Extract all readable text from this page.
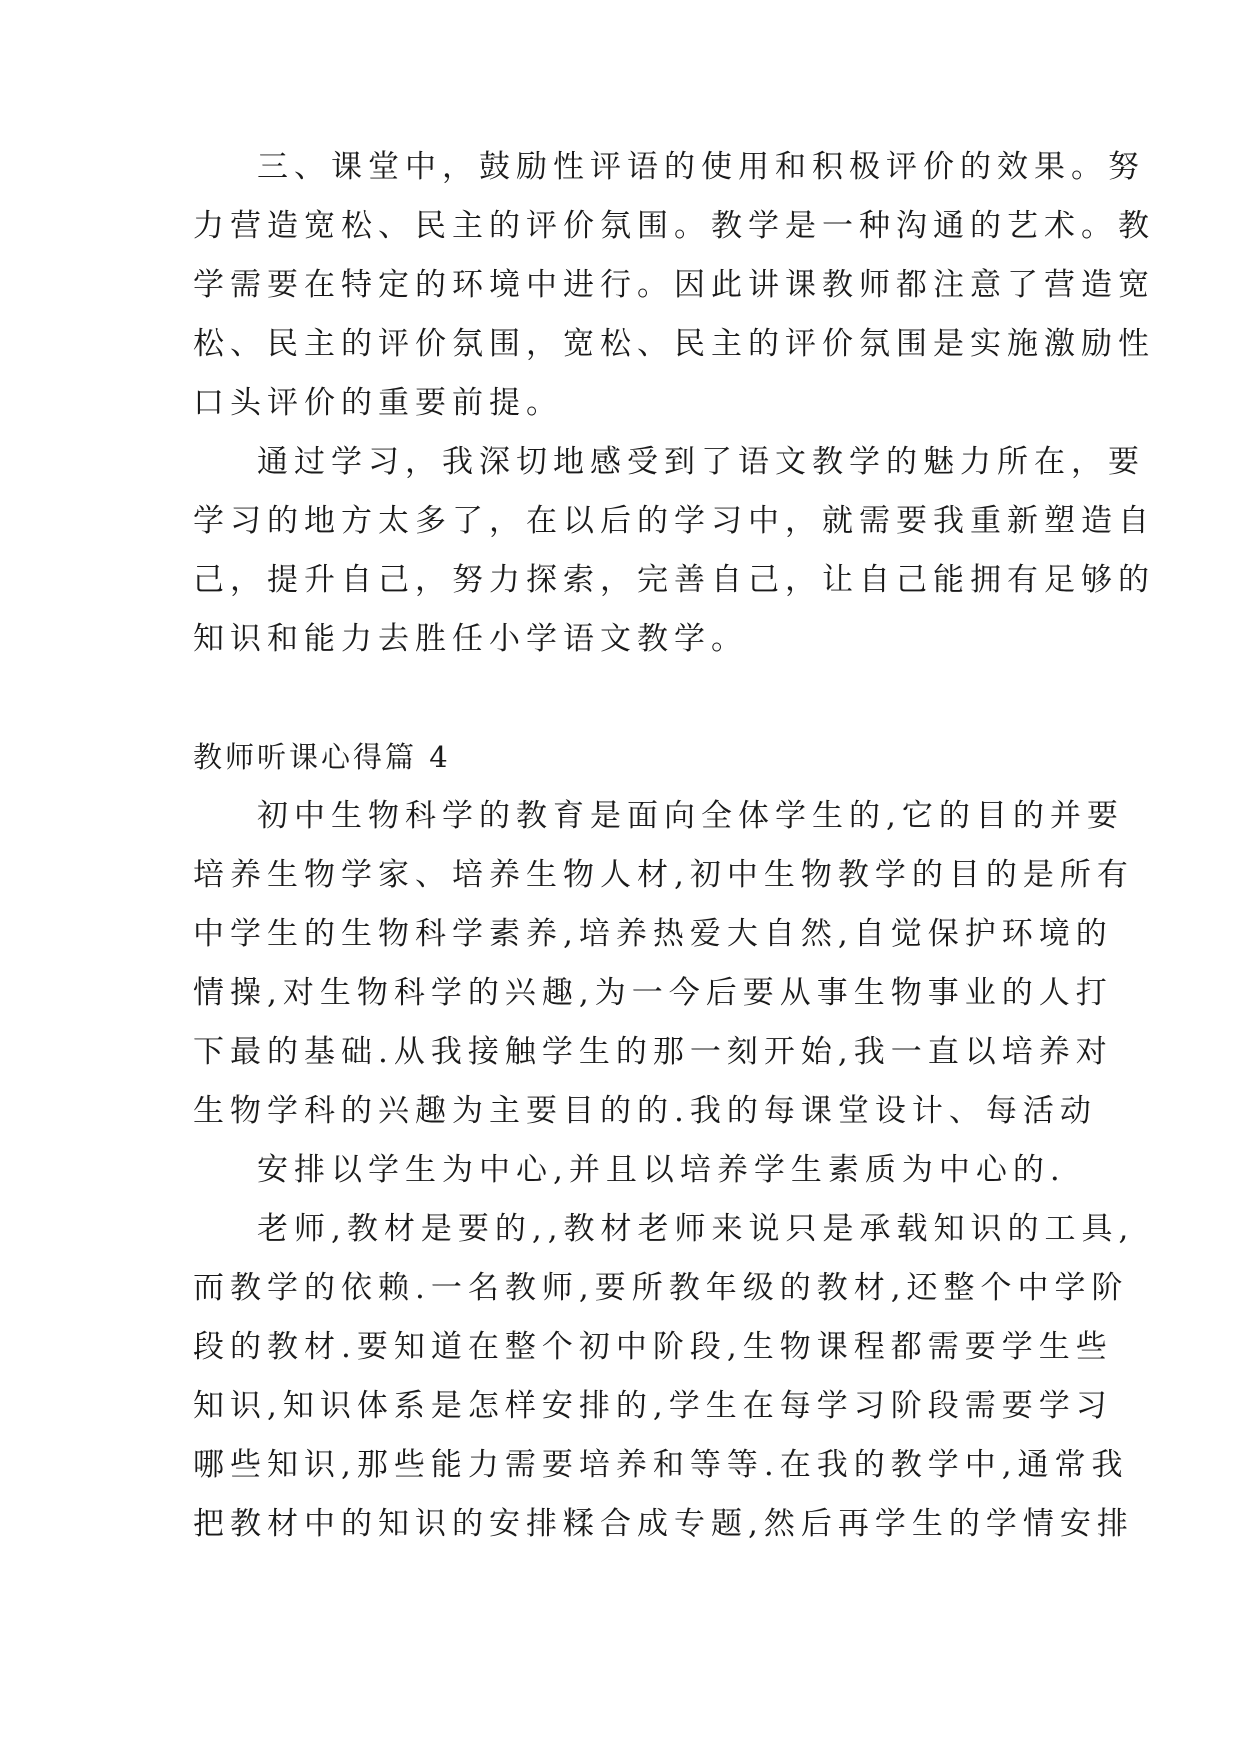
三、课堂中，鼓励性评语的使用和积极评价的效果。努
力营造宽松、民主的评价氛围。教学是一种沟通的艺术。教
学需要在特定的环境中进行。因此讲课教师都注意了营造宽
松、民主的评价氛围，宽松、民主的评价氛围是实施激励性
口头评价的重要前提。
通过学习，我深切地感受到了语文教学的魅力所在，要
学习的地方太多了，在以后的学习中，就需要我重新塑造自
己，提升自己，努力探索，完善自己，让自己能拥有足够的
知识和能力去胜任小学语文教学。
教师听课心得篇 4
初中生物科学的教育是面向全体学生的,它的目的并要
培养生物学家、培养生物人材,初中生物教学的目的是所有
中学生的生物科学素养,培养热爱大自然,自觉保护环境的
情操,对生物科学的兴趣,为一今后要从事生物事业的人打
下最的基础.从我接触学生的那一刻开始,我一直以培养对
生物学科的兴趣为主要目的的.我的每课堂设计、每活动
安排以学生为中心,并且以培养学生素质为中心的.
老师,教材是要的,,教材老师来说只是承载知识的工具,
而教学的依赖.一名教师,要所教年级的教材,还整个中学阶
段的教材.要知道在整个初中阶段,生物课程都需要学生些
知识,知识体系是怎样安排的,学生在每学习阶段需要学习
哪些知识,那些能力需要培养和等等.在我的教学中,通常我
把教材中的知识的安排糅合成专题,然后再学生的学情安排
